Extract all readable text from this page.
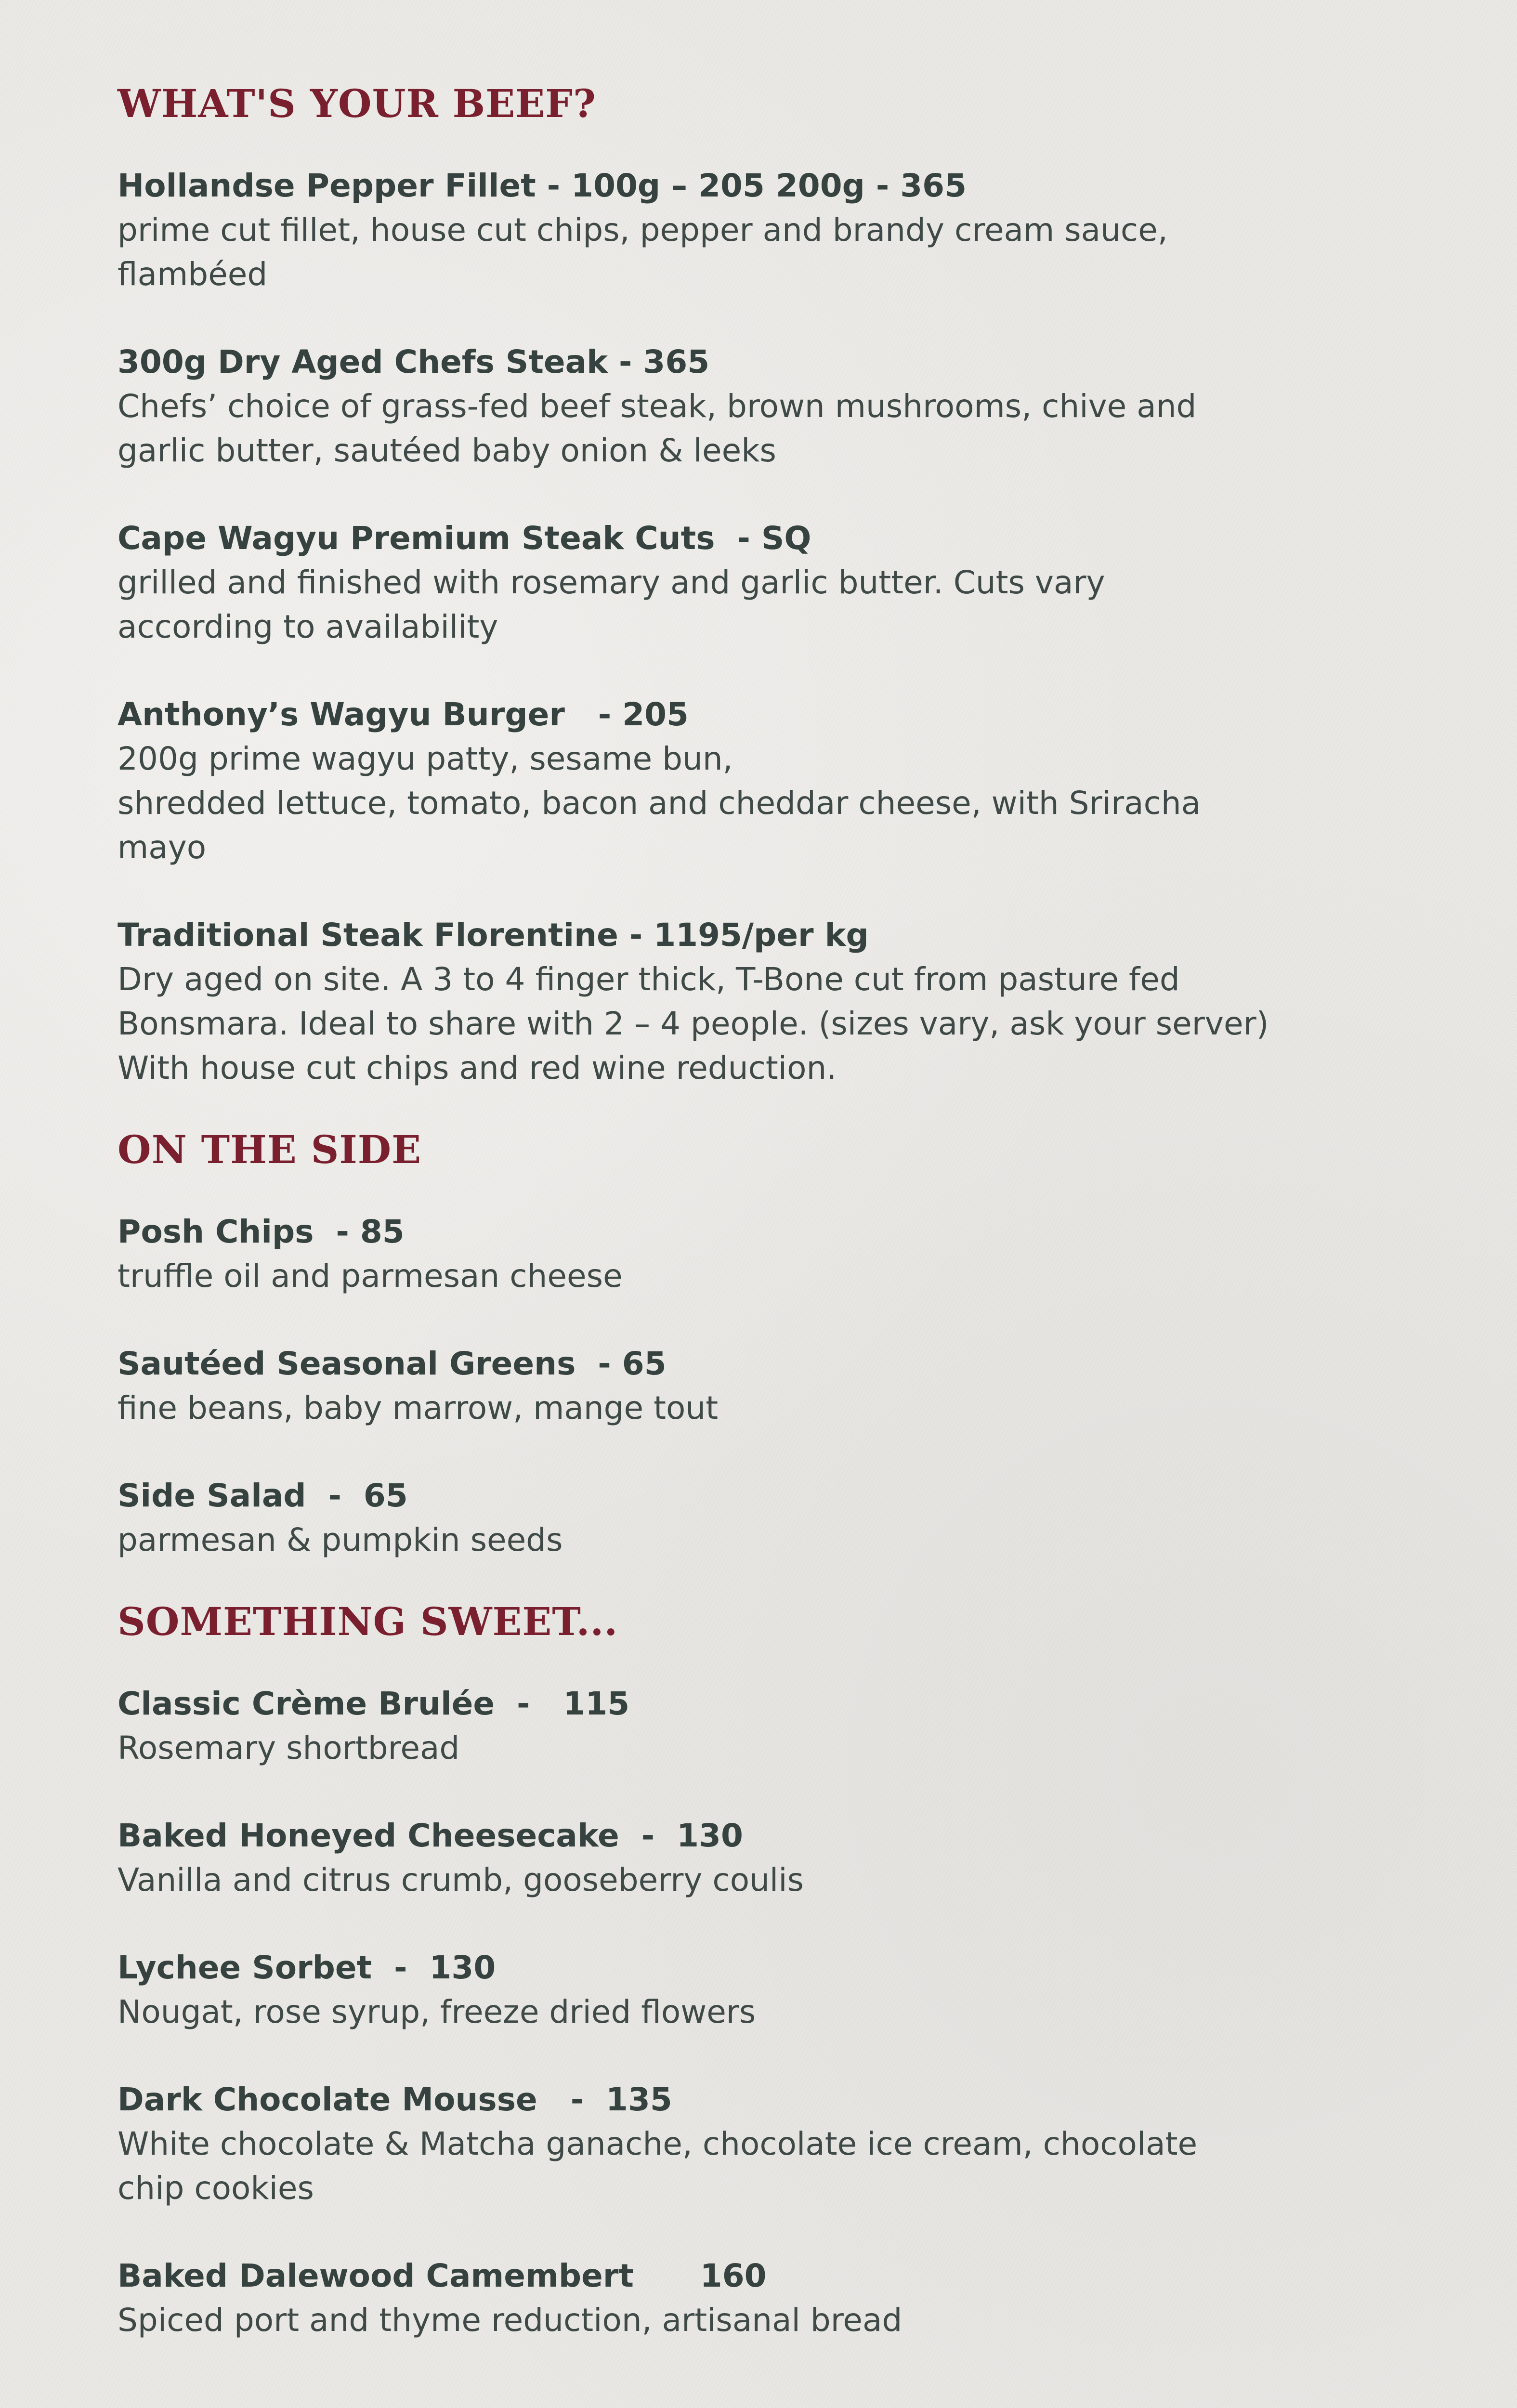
WHAT'S YOUR BEEF?
Hollandse Pepper Fillet - 100g – 205 200g - 365
prime cut fillet, house cut chips, pepper and brandy cream sauce,
flambéed
300g Dry Aged Chefs Steak - 365
Chefs’ choice of grass-fed beef steak, brown mushrooms, chive and
garlic butter, sautéed baby onion & leeks
Cape Wagyu Premium Steak Cuts  - SQ
grilled and finished with rosemary and garlic butter. Cuts vary
according to availability
Anthony’s Wagyu Burger   - 205
200g prime wagyu patty, sesame bun,
shredded lettuce, tomato, bacon and cheddar cheese, with Sriracha
mayo
Traditional Steak Florentine - 1195/per kg
Dry aged on site. A 3 to 4 finger thick, T-Bone cut from pasture fed
Bonsmara. Ideal to share with 2 – 4 people. (sizes vary, ask your server)
With house cut chips and red wine reduction.
ON THE SIDE
Posh Chips  - 85
truffle oil and parmesan cheese
Sautéed Seasonal Greens  - 65
fine beans, baby marrow, mange tout
Side Salad  -  65
parmesan & pumpkin seeds
SOMETHING SWEET...
Classic Crème Brulée  -   115
Rosemary shortbread
Baked Honeyed Cheesecake  -  130
Vanilla and citrus crumb, gooseberry coulis
Lychee Sorbet  -  130
Nougat, rose syrup, freeze dried flowers
Dark Chocolate Mousse   -  135
White chocolate & Matcha ganache, chocolate ice cream, chocolate
chip cookies
Baked Dalewood Camembert      160
Spiced port and thyme reduction, artisanal bread
